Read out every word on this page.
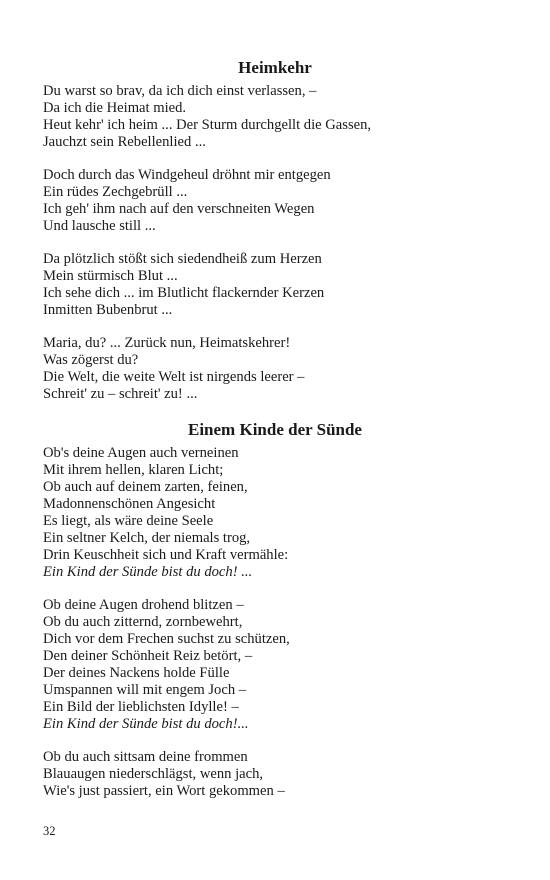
Heimkehr
Du warst so brav, da ich dich einst verlassen, –
Da ich die Heimat mied.
Heut kehr' ich heim ... Der Sturm durchgellt die Gassen,
Jauchzt sein Rebellenlied ...
Doch durch das Windgeheul dröhnt mir entgegen
Ein rüdes Zechgebrüll ...
Ich geh' ihm nach auf den verschneiten Wegen
Und lausche still ...
Da plötzlich stößt sich siedendheiß zum Herzen
Mein stürmisch Blut ...
Ich sehe dich ... im Blutlicht flackernder Kerzen
Inmitten Bubenbrut ...
Maria, du? ... Zurück nun, Heimatskehrer!
Was zögerst du?
Die Welt, die weite Welt ist nirgends leerer –
Schreit' zu – schreit' zu! ...
Einem Kinde der Sünde
Ob's deine Augen auch verneinen
Mit ihrem hellen, klaren Licht;
Ob auch auf deinem zarten, feinen,
Madonnenschönen Angesicht
Es liegt, als wäre deine Seele
Ein seltner Kelch, der niemals trog,
Drin Keuschheit sich und Kraft vermähle:
Ein Kind der Sünde bist du doch! ...
Ob deine Augen drohend blitzen –
Ob du auch zitternd, zornbewehrt,
Dich vor dem Frechen suchst zu schützen,
Den deiner Schönheit Reiz betört, –
Der deines Nackens holde Fülle
Umspannen will mit engem Joch –
Ein Bild der lieblichsten Idylle! –
Ein Kind der Sünde bist du doch!...
Ob du auch sittsam deine frommen
Blauaugen niederschlägst, wenn jach,
Wie's just passiert, ein Wort gekommen –
32
